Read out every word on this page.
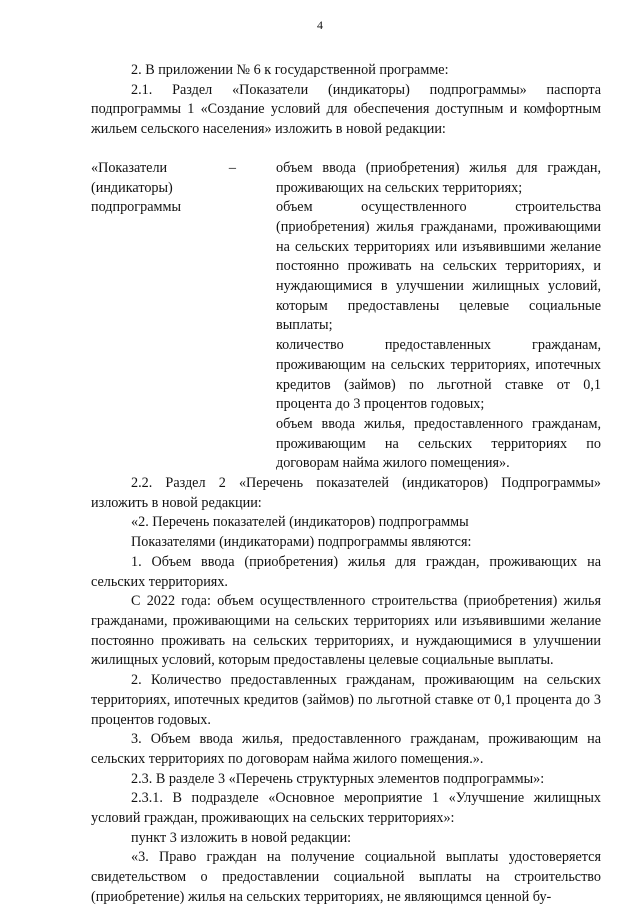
4

2. В приложении № 6 к государственной программе:

2.1. Раздел «Показатели (индикаторы) подпрограммы» паспорта подпрограммы 1 «Создание условий для обеспечения доступным и комфортным жильем сельского населения» изложить в новой редакции:

«Показатели (индикаторы) подпрограммы
–	объем ввода (приобретения) жилья для граждан, проживающих на сельских территориях;

объем осуществленного строительства (приобретения) жилья гражданами, проживающими на сельских территориях или изъявившими желание постоянно проживать на сельских территориях, и нуждающимися в улучшении жилищных условий, которым предоставлены целевые социальные выплаты;

количество предоставленных гражданам, проживающим на сельских территориях, ипотечных кредитов (займов) по льготной ставке от 0,1 процента до 3 процентов годовых;

объем ввода жилья, предоставленного гражданам, проживающим на сельских территориях по договорам найма жилого помещения».

2.2. Раздел 2 «Перечень показателей (индикаторов) Подпрограммы» изложить в новой редакции:

«2. Перечень показателей (индикаторов) подпрограммы

Показателями (индикаторами) подпрограммы являются:

1. Объем ввода (приобретения) жилья для граждан, проживающих на сельских территориях.

С 2022 года: объем осуществленного строительства (приобретения) жилья гражданами, проживающими на сельских территориях или изъявившими желание постоянно проживать на сельских территориях, и нуждающимися в улучшении жилищных условий, которым предоставлены целевые социальные выплаты.

2. Количество предоставленных гражданам, проживающим на сельских территориях, ипотечных кредитов (займов) по льготной ставке от 0,1 процента до 3 процентов годовых.

3. Объем ввода жилья, предоставленного гражданам, проживающим на сельских территориях по договорам найма жилого помещения.».

2.3. В разделе 3 «Перечень структурных элементов подпрограммы»:

2.3.1. В подразделе «Основное мероприятие 1 «Улучшение жилищных условий граждан, проживающих на сельских территориях»:

пункт 3 изложить в новой редакции:

«3. Право граждан на получение социальной выплаты удостоверяется свидетельством о предоставлении социальной выплаты на строительство (приобретение) жилья на сельских территориях, не являющимся ценной бу-
